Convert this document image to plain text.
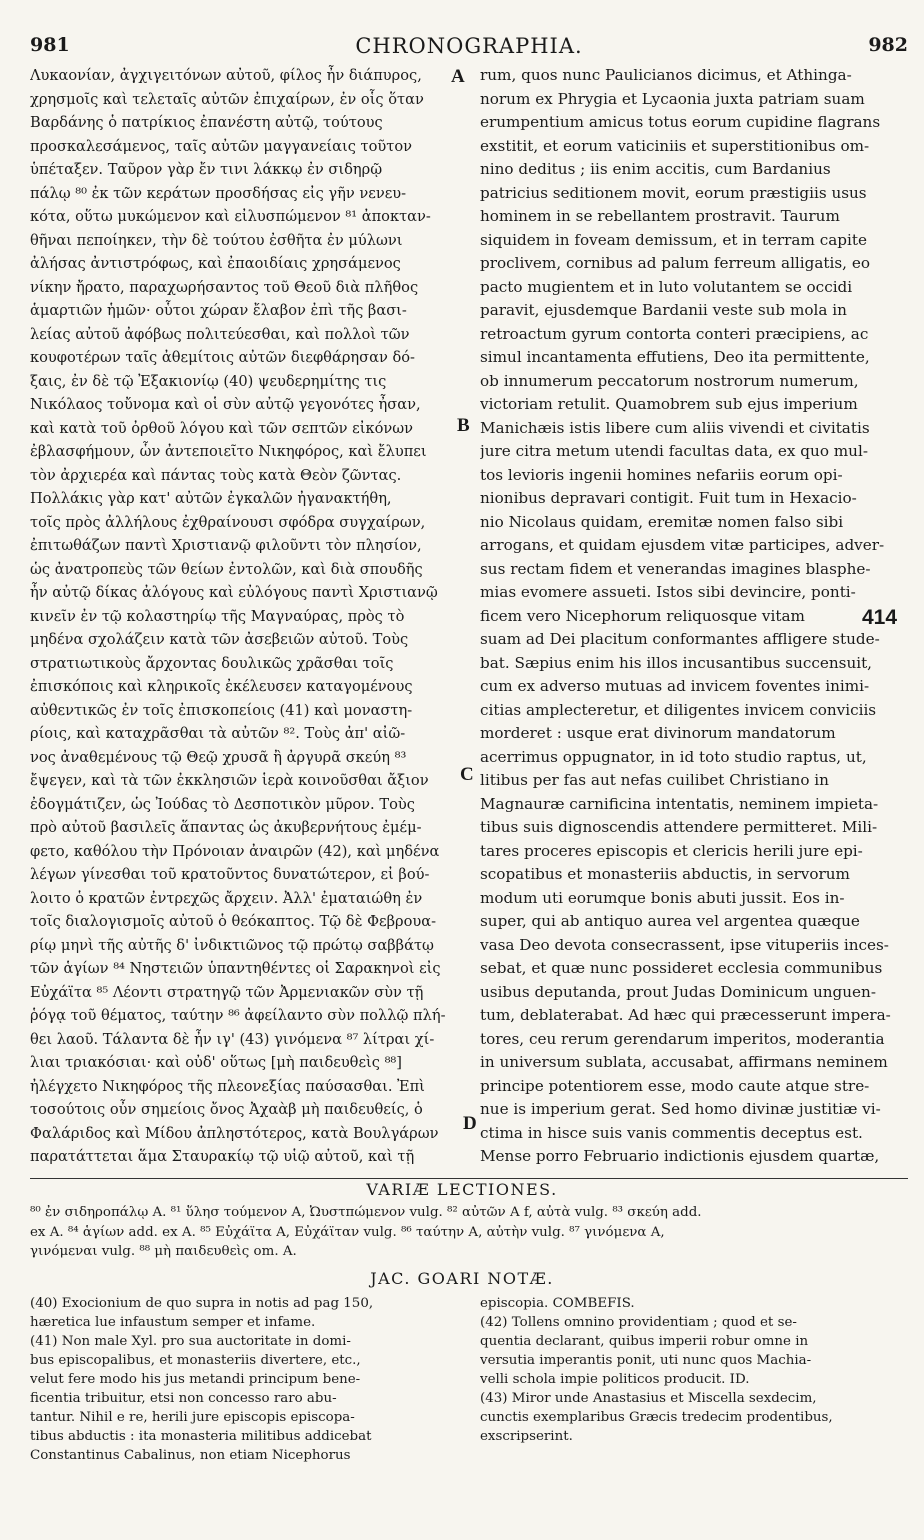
981	CHRONOGRAPHIA.	982
Λυκαονίαν, ἀγχιγειτόνων αὐτοῦ, φίλος ἦν διάπυρος,
χρησμοῖς καὶ τελεταῖς αὐτῶν ἐπιχαίρων, ἐν οἷς ὅταν
Βαρδάνης ὁ πατρίκιος ἐπανέστη αὐτῷ, τούτους
προσκαλεσάμενος, ταῖς αὐτῶν μαγγανείαις τοῦτον
ὑπέταξεν. Ταῦρον γὰρ ἔν τινι λάκκῳ ἐν σιδηρῷ
πάλῳ ⁸⁰ ἐκ τῶν κεράτων προσδήσας εἰς γῆν νενευ-
κότα, οὕτω μυκώμενον καὶ εἰλυσπώμενον ⁸¹ ἀποκταν-
θῆναι πεποίηκεν, τὴν δὲ τούτου ἐσθῆτα ἐν μύλωνι
ἀλήσας ἀντιστρόφως, καὶ ἐπαοιδίαις χρησάμενος
νίκην ἤρατο, παραχωρήσαντος τοῦ Θεοῦ διὰ πλῆθος
ἁμαρτιῶν ἡμῶν· οὗτοι χώραν ἔλαβον ἐπὶ τῆς βασι-
λείας αὐτοῦ ἀφόβως πολιτεύεσθαι, καὶ πολλοὶ τῶν
κουφοτέρων ταῖς ἀθεμίτοις αὐτῶν διεφθάρησαν δό-
ξαις, ἐν δὲ τῷ Ἐξακιονίῳ (40) ψευδερημίτης τις
Νικόλαος τοὔνομα καὶ οἱ σὺν αὐτῷ γεγονότες ἦσαν,
καὶ κατὰ τοῦ ὀρθοῦ λόγου καὶ τῶν σεπτῶν εἰκόνων
ἐβλασφήμουν, ὧν ἀντεποιεῖτο Νικηφόρος, καὶ ἔλυπει
τὸν ἀρχιερέα καὶ πάντας τοὺς κατὰ Θεὸν ζῶντας.
Πολλάκις γὰρ κατ' αὐτῶν ἐγκαλῶν ἠγανακτήθη,
τοῖς πρὸς ἀλλήλους ἐχθραίνουσι σφόδρα συγχαίρων,
ἐπιτωθάζων παντὶ Χριστιανῷ φιλοῦντι τὸν πλησίον,
ὡς ἀνατροπεὺς τῶν θείων ἐντολῶν, καὶ διὰ σπουδῆς
ἦν αὐτῷ δίκας ἀλόγους καὶ εὐλόγους παντὶ Χριστιανῷ
κινεῖν ἐν τῷ κολαστηρίῳ τῆς Μαγναύρας, πρὸς τὸ
μηδένα σχολάζειν κατὰ τῶν ἀσεβειῶν αὐτοῦ. Τοὺς
στρατιωτικοὺς ἄρχοντας δουλικῶς χρᾶσθαι τοῖς
ἐπισκόποις καὶ κληρικοῖς ἐκέλευσεν καταγομένους
αὐθεντικῶς ἐν τοῖς ἐπισκοπείοις (41) καὶ μοναστη-
ρίοις, καὶ καταχρᾶσθαι τὰ αὐτῶν ⁸². Τοὺς ἀπ' αἰῶ-
νος ἀναθεμένους τῷ Θεῷ χρυσᾶ ἢ ἀργυρᾶ σκεύη ⁸³
ἔψεγεν, καὶ τὰ τῶν ἐκκλησιῶν ἱερὰ κοινοῦσθαι ἄξιον
ἐδογμάτιζεν, ὡς Ἰούδας τὸ Δεσποτικὸν μῦρον. Τοὺς
πρὸ αὐτοῦ βασιλεῖς ἅπαντας ὡς ἀκυβερνήτους ἐμέμ-
φετο, καθόλου τὴν Πρόνοιαν ἀναιρῶν (42), καὶ μηδένα
λέγων γίνεσθαι τοῦ κρατοῦντος δυνατώτερον, εἰ βού-
λοιτο ὁ κρατῶν ἐντρεχῶς ἄρχειν. Ἀλλ' ἐματαιώθη ἐν
τοῖς διαλογισμοῖς αὐτοῦ ὁ θεόκαπτος. Τῷ δὲ Φεβρουα-
ρίῳ μηνὶ τῆς αὐτῆς δ' ἰνδικτιῶνος τῷ πρώτῳ σαββάτῳ
τῶν ἁγίων ⁸⁴ Νηστειῶν ὑπαντηθέντες οἱ Σαρακηνοὶ εἰς
Εὐχάϊτα ⁸⁵ Λέοντι στρατηγῷ τῶν Ἀρμενιακῶν σὺν τῇ
ῥόγᾳ τοῦ θέματος, ταύτην ⁸⁶ ἀφείλαντο σὺν πολλῷ πλή-
θει λαοῦ. Τάλαντα δὲ ἦν ιγ' (43) γινόμενα ⁸⁷ λίτραι χί-
λιαι τριακόσιαι· καὶ οὐδ' οὕτως [μὴ παιδευθεὶς ⁸⁸]
ἠλέγχετο Νικηφόρος τῆς πλεονεξίας παύσασθαι. Ἐπὶ
τοσούτοις οὖν σημείοις ὄνος Ἀχαὰβ μὴ παιδευθείς, ὁ
Φαλάριδος καὶ Μίδου ἀπληστότερος, κατὰ Βουλγάρων
παρατάττεται ἅμα Σταυρακίῳ τῷ υἱῷ αὐτοῦ, καὶ τῇ
rum, quos nunc Paulicianos dicimus, et Athinga-
norum ex Phrygia et Lycaonia juxta patriam suam
erumpentium amicus totus eorum cupidine flagrans
exstitit, et eorum vaticiniis et superstitionibus om-
nino deditus ; iis enim accitis, cum Bardanius
patricius seditionem movit, eorum præstigiis usus
hominem in se rebellantem prostravit. Taurum
siquidem in foveam demissum, et in terram capite
proclivem, cornibus ad palum ferreum alligatis, eo
pacto mugientem et in luto volutantem se occidi
paravit, ejusdemque Bardanii veste sub mola in
retroactum gyrum contorta conteri præcipiens, ac
simul incantamenta effutiens, Deo ita permittente,
ob innumerum peccatorum nostrorum numerum,
victoriam retulit. Quamobrem sub ejus imperium
Manichæis istis libere cum aliis vivendi et civitatis
jure citra metum utendi facultas data, ex quo mul-
tos levioris ingenii homines nefariis eorum opi-
nionibus depravari contigit. Fuit tum in Hexacio-
nio Nicolaus quidam, eremitæ nomen falso sibi
arrogans, et quidam ejusdem vitæ participes, adver-
sus rectam fidem et venerandas imagines blasphe-
mias evomere assueti. Istos sibi devincire, ponti-
ficem vero Nicephorum reliquosque vitam
suam ad Dei placitum conformantes affligere stude-
bat. Sæpius enim his illos incusantibus succensuit,
cum ex adverso mutuas ad invicem foventes inimi-
citias amplecteretur, et diligentes invicem conviciis
morderet : usque erat divinorum mandatorum
acerrimus oppugnator, in id toto studio raptus, ut,
litibus per fas aut nefas cuilibet Christiano in
Magnauræ carnificina intentatis, neminem impieta-
tibus suis dignoscendis attendere permitteret. Mili-
tares proceres episcopis et clericis herili jure epi-
scopatibus et monasteriis abductis, in servorum
modum uti eorumque bonis abuti jussit. Eos in-
super, qui ab antiquo aurea vel argentea quæque
vasa Deo devota consecrassent, ipse vituperiis inces-
sebat, et quæ nunc possideret ecclesia communibus
usibus deputanda, prout Judas Dominicum unguen-
tum, deblaterabat. Ad hæc qui præcesserunt impera-
tores, ceu rerum gerendarum imperitos, moderantia
in universum sublata, accusabat, affirmans neminem
principe potentiorem esse, modo caute atque stre-
nue is imperium gerat. Sed homo divinæ justitiæ vi-
ctima in hisce suis vanis commentis deceptus est.
Mense porro Februario indictionis ejusdem quartæ,
A
B
C
D
414
VARIÆ LECTIONES.
⁸⁰ ἐν σιδηροπάλῳ A. ⁸¹ ὕλησ τούμενον A, Ὠυστπώμενον vulg. ⁸² αὐτῶν A f, αὐτὰ vulg. ⁸³ σκεύη add.
ex A. ⁸⁴ ἁγίων add. ex A. ⁸⁵ Εὐχάϊτα A, Εὐχάϊταν vulg. ⁸⁶ ταύτην A, αὐτὴν vulg. ⁸⁷ γινόμενα A,
γινόμεναι vulg. ⁸⁸ μὴ παιδευθεὶς om. A.
JAC. GOARI NOTÆ.
(40) Exocionium de quo supra in notis ad pag 150,
hæretica lue infaustum semper et infame.
(41) Non male Xyl. pro sua auctoritate in domi-
bus episcopalibus, et monasteriis divertere, etc.,
velut fere modo his jus metandi principum bene-
ficentia tribuitur, etsi non concesso raro abu-
tantur. Nihil e re, herili jure episcopis episcopa-
tibus abductis : ita monasteria militibus addicebat
Constantinus Cabalinus, non etiam Nicephorus
episcopia. COMBEFIS.
(42) Tollens omnino providentiam ; quod et se-
quentia declarant, quibus imperii robur omne in
versutia imperantis ponit, uti nunc quos Machia-
velli schola impie politicos producit. ID.
(43) Miror unde Anastasius et Miscella sexdecim,
cunctis exemplaribus Græcis tredecim prodentibus,
exscripserint.
